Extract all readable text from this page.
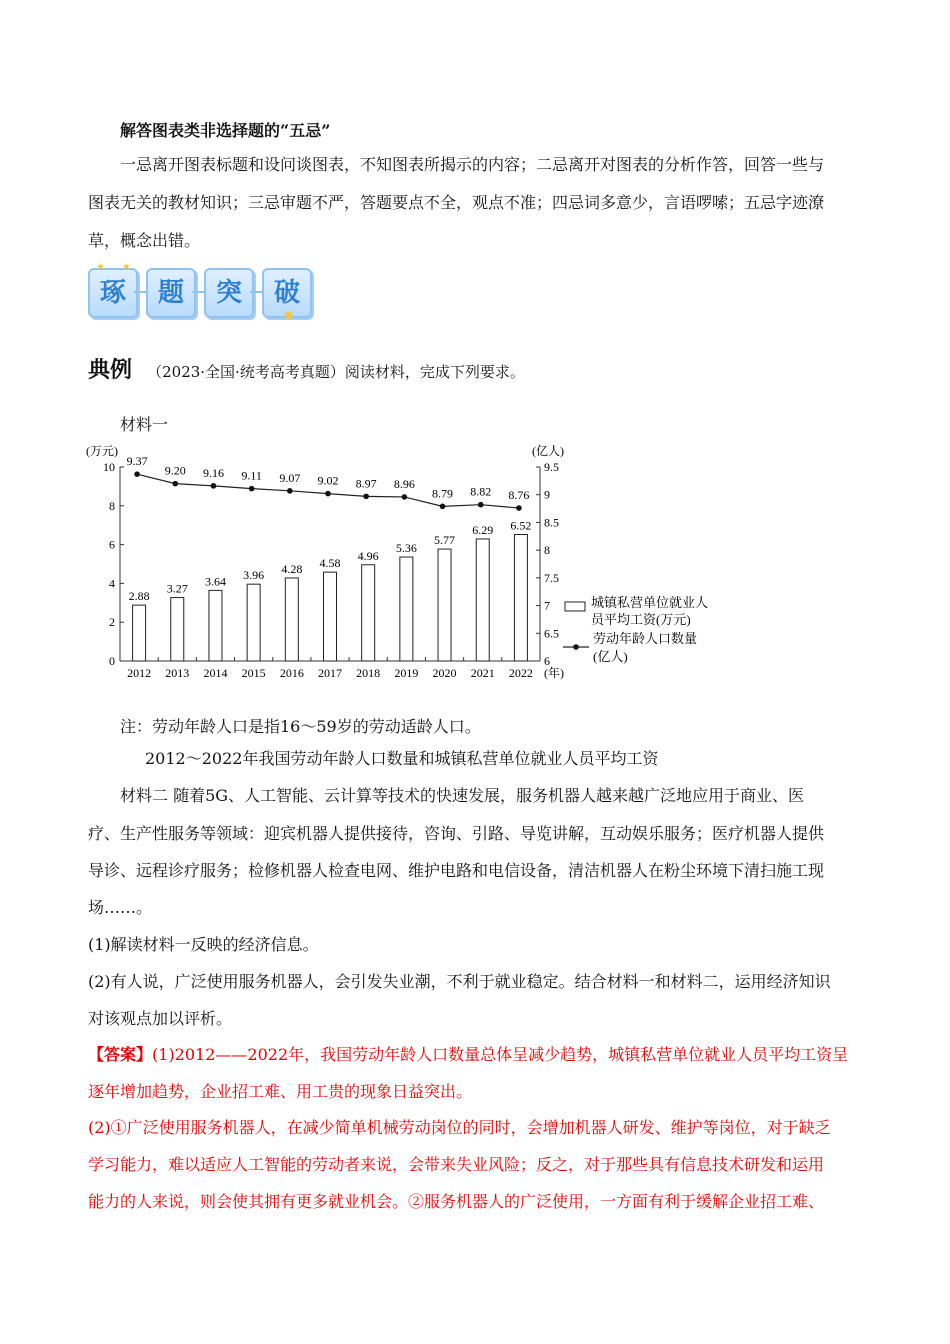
解答图表类非选择题的“五忌”
一忌离开图表标题和设问谈图表，不知图表所揭示的内容；二忌离开对图表的分析作答，回答一些与
图表无关的教材知识；三忌审题不严，答题要点不全，观点不准；四忌词多意少，言语啰嗦；五忌字迹潦
草，概念出错。
琢	题	突	破
★ ★
●
典例 （2023·全国·统考高考真题）阅读材料，完成下列要求。
材料一
0
2
4
6
8
10
6
6.5
7
7.5
8
8.5
9
9.5
(万元)	(亿人)
2012 2013 2014 2015 2016 2017 2018 2019 2020 2021 2022 (年)
2.88
3.27
3.64 3.96 4.28 4.58
4.96
5.36
5.77
6.29 6.52
9.37
9.20 9.16 9.11 9.07 9.02 8.97 8.96
8.79 8.82 8.76
城镇私营单位就业人
员平均工资(万元)
劳动年龄人口数量
(亿人)
注：劳动年龄人口是指16～59岁的劳动适龄人口。
2012～2022年我国劳动年龄人口数量和城镇私营单位就业人员平均工资
材料二 随着5G、人工智能、云计算等技术的快速发展，服务机器人越来越广泛地应用于商业、医
疗、生产性服务等领域：迎宾机器人提供接待，咨询、引路、导览讲解，互动娱乐服务；医疗机器人提供
导诊、远程诊疗服务；检修机器人检查电网、维护电路和电信设备，清洁机器人在粉尘环境下清扫施工现
场……。
(1)解读材料一反映的经济信息。
(2)有人说，广泛使用服务机器人，会引发失业潮，不利于就业稳定。结合材料一和材料二，运用经济知识
对该观点加以评析。
【答案】(1)2012——2022年，我国劳动年龄人口数量总体呈减少趋势，城镇私营单位就业人员平均工资呈
逐年增加趋势，企业招工难、用工贵的现象日益突出。
(2)①广泛使用服务机器人，在减少简单机械劳动岗位的同时，会增加机器人研发、维护等岗位，对于缺乏
学习能力，难以适应人工智能的劳动者来说，会带来失业风险；反之，对于那些具有信息技术研发和运用
能力的人来说，则会使其拥有更多就业机会。②服务机器人的广泛使用，一方面有利于缓解企业招工难、
